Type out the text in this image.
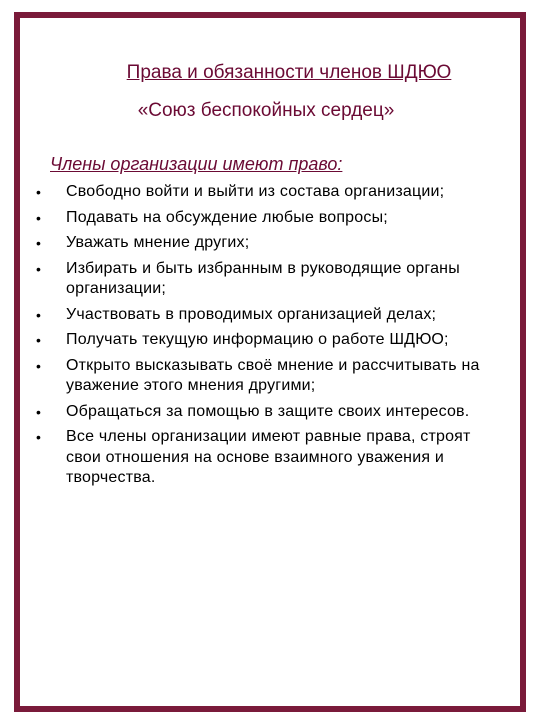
Права и обязанности членов ШДЮО
«Союз беспокойных сердец»
Члены организации имеют право:
•	Свободно войти и выйти из состава организации;
•	Подавать на обсуждение любые вопросы;
•	Уважать мнение других;
•	Избирать и быть избранным в руководящие органы организации;
•	Участвовать в проводимых организацией делах;
•	Получать текущую информацию о работе ШДЮО;
•	Открыто высказывать своё мнение и рассчитывать на уважение этого мнения другими;
•	Обращаться за помощью в защите своих интересов.
•	Все члены организации имеют равные права, строят свои отношения на основе взаимного уважения и творчества.
